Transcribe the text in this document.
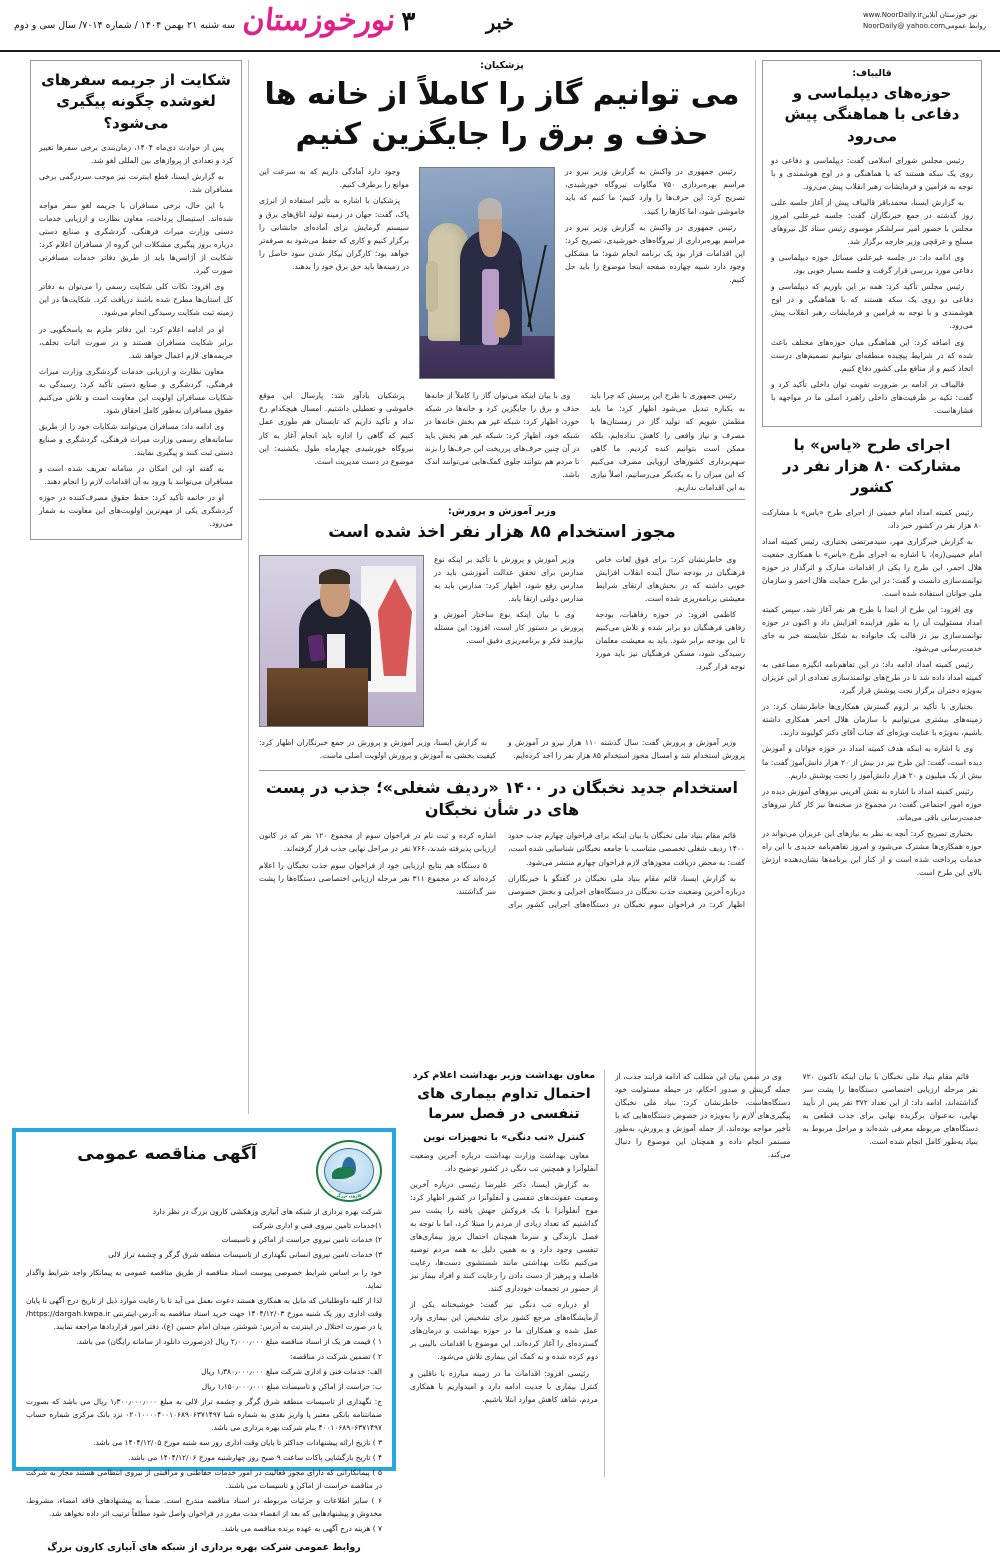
نور خوزستان آنلاینwww.NoorDaily.ir
روابط عمومیNoorDaily@ yahoo.com
خبر
۳
نورخوزستان
سه شنبه ۲۱ بهمن ۱۴۰۴ / شماره ۷۰۱۴/ سال سی و دوم
قالیباف:
حوزه‌های دیپلماسی و دفاعی با هماهنگی پیش می‌رود

رئیس مجلس شورای اسلامی گفت: دیپلماسی و دفاعی دو روی یک سکه هستند که با هماهنگی و در اوج هوشمندی و با توجه به فرامین و فرمایشات رهبر انقلاب پیش می‌رود.

به گزارش ایسنا، محمدباقر قالیباف پیش از آغاز جلسه علنی روز گذشته در جمع خبرنگاران گفت: جلسه غیرعلنی امروز مجلس با حضور امیر سرلشکر موسوی رئیس ستاد کل نیروهای مسلح و عرقچی وزیر خارجه برگزار شد.

وی ادامه داد: در جلسه غیرعلنی مسائل حوزه دیپلماسی و دفاعی مورد بررسی قرار گرفت و جلسه بسیار خوبی بود.

رئیس مجلس تأکید کرد: همه بر این باوریم که دیپلماسی و دفاعی دو روی یک سکه هستند که با هماهنگی و در اوج هوشمندی و با توجه به فرامین و فرمایشات رهبر انقلاب پیش می‌رود.

وی اضافه کرد: این هماهنگی میان حوزه‌های مختلف باعث شده که در شرایط پیچیده منطقه‌ای بتوانیم تصمیم‌های درست اتخاذ کنیم و از منافع ملی کشور دفاع کنیم.

قالیباف در ادامه بر ضرورت تقویت توان داخلی تأکید کرد و گفت: تکیه بر ظرفیت‌های داخلی راهبرد اصلی ما در مواجهه با فشارهاست.

اجرای طرح «یاس» با مشارکت ۸۰ هزار نفر در کشور

رئیس کمیته امداد امام خمینی از اجرای طرح «یاس» با مشارکت ۸۰ هزار نفر در کشور خبر داد.

به گزارش خبرگزاری مهر، سیدمرتضی بختیاری، رئیس کمیته امداد امام خمینی(ره)، با اشاره به اجرای طرح «یاس» با همکاری جمعیت هلال احمر، این طرح را یکی از اقدامات مبارک و اثرگذار در حوزه توانمندسازی دانست و گفت: در این طرح حمایت هلال احمر و سازمان ملی جوانان استفاده شده است.

وی افزود: این طرح از ابتدا با طرح هر نفر آغاز شد، سپس کمیته امداد مسئولیت آن را به طور فزاینده افزایش داد و اکنون در حوزه توانمندسازی نیز در قالب یک خانواده به شکل شایسته خبر به جای خدمت‌رسانی می‌شود.

رئیس کمیته امداد ادامه داد: در این تفاهم‌نامه انگیزه مضاعفی به کمیته امداد داده شد تا در طرح‌های توانمندسازی تعدادی از این عزیزان به‌ویژه دختران برگزار تحت پوشش قرار گیرد.

بختیاری با تأکید بر لزوم گسترش همکاری‌ها خاطرنشان کرد: در زمینه‌های بیشتری می‌توانیم با سازمان هلال احمر همکاری داشته باشیم، به‌ویژه با عنایت ویژه‌ای که جناب آقای دکتر کولیوند دارند.

وی با اشاره به اینکه هدف کمیته امداد در حوزه جوانان و آموزش دیده است، گفت: این طرح نیز در بیش از ۲۰ هزار دانش‌آموز گفت: ما بیش از یک میلیون و ۲۰ هزار دانش‌آموز را تحت پوشش داریم.

رئیس کمیته امداد با اشاره به نقش آفرینی نیروهای آموزش دیده در حوزه امور اجتماعی گفت: در مجموع در صحنه‌ها نیز کار کنار نیروهای خدمت‌رسانی باقی می‌ماند.

بختیاری تصریح کرد: آنچه به نظر به نیازهای این عزیزان می‌تواند در حوزه همکاری‌ها مشترک می‌شود و امروز تفاهم‌نامه جدیدی با این راه خدمات پرداخت شده است و از کنار این برنامه‌ها نشان‌دهنده ارزش بالای این طرح است.

پزشکیان:
می توانیم گاز را کاملاً از خانه ها حذف و برق را جایگزین کنیم

رئیس جمهوری در واکنش به گزارش وزیر نیرو در مراسم بهره‌برداری ۷۵۰ مگاوات نیروگاه خورشیدی، تصریح کرد: این حرف‌ها را وارد کنیم؛ ما کنیم که باید خاموشی شود، اما کارها را کنید.

رئیس جمهوری در واکنش به گزارش وزیر نیرو در مراسم بهره‌برداری از نیروگاه‌های خورشیدی، تصریح کرد: این اقدامات قرار بود یک برنامه انجام شود؛ ما مشکلی وجود دارد شبیه چهارده صفحه اینجا موضوع را باید حل کنیم.

وجود دارد آمادگی داریم که به سرعت این موانع را برطرف کنیم.

پزشکیان با اشاره به تأثیر استفاده از انرژی پاک، گفت: جهان در زمینه تولید اتاق‌های برق و سیستم گرمایش برای آماده‌ای جانشانی را برگزار کنیم و کاری که حفظ می‌شود به صرفه‌تر خواهد بود؛ کارگران بیکار شدن سود حاصل را در زمینه‌ها باید حق برق خود را بدهند.

رئیس جمهوری با طرح این پرسش که چرا باید به یکباره تبدیل می‌شود اظهار کرد: ما باید مطمئن شویم که تولید گاز در زمستان‌ها با مصرف و نیاز واقعی را کاهش نداده‌ایم، بلکه ممکن است بتوانیم کنده کردیم. ما گاهی سهم‌برداری کشورهای اروپایی مصرف می‌کنیم که این میزان را به یکدیگر می‌رسانیم، اصلاً نیازی به این اقدامات نداریم.

وی با بیان اینکه می‌توان گاز را کاملاً از خانه‌ها حذف و برق را جایگزین کرد و خانه‌ها در شبکه خورد، اظهار کرد: شبکه غیر هم بخش خانه‌ها در شبکه خود، اظهار کرد: شبکه غیر هم بخش باید در آن چنین حرف‌های پرریخت این حرف‌ها را بزند تا مردم هم بتوانند جلوی کمک‌هایی می‌توانند اندک باشد.

پزشکیان یادآور شد: پارسال این موقع خاموشی و تعطیلی داشتیم. امسال هیچکدام رخ نداد و تأکید داریم که تابستان هم طوری عمل کنیم که گاهی را اداره باید انجام آغاز به کار نیروگاه خورشیدی چهارماه طول یکشنبه: این موضوع در دست مدیریت است.

وزیر آموزش و پرورش:
مجوز استخدام ۸۵ هزار نفر اخذ شده است

وی خاطرنشان کرد: برای قوق لغات خاص فرهنگیان در بودجه سال آینده انقلاب افزایش خوبی داشته که در بخش‌های ارتقای شرایط معیشتی برنامه‌ریزی شده است.

کاظمی افزود: در حوزه رفاهیات، بودجه رفاهی فرهنگیان دو برابر شده و تلاش می‌کنیم تا این بودجه برابر شود. باید به معیشت معلمان رسیدگی شود، مسکن فرهنگیان نیز باید مورد توجه قرار گیرد.

وزیر آموزش و پرورش با تأکید بر اینکه نوع مدارس برای تحقق عدالت آموزشی باید در مدارس رفع شود، اظهار کرد: مدارس باید به مدارس دولتی ارتقا یابد.

وی با بیان اینکه نوع ساختار آموزش و پرورش بر دستور کار است، افزود: این مسئله نیازمند فکر و برنامه‌ریزی دقیق است.

وزیر آموزش و پرورش گفت: سال گذشته ۱۱۰ هزار نیرو در آموزش و پرورش استخدام شد و امسال مجوز استخدام ۸۵ هزار نفر را اخذ کرده‌ایم.

به گزارش ایسنا، وزیر آموزش و پرورش در جمع خبرنگاران اظهار کرد: کیفیت بخشی به آموزش و پرورش اولویت اصلی ماست.

استخدام جدید نخبگان در ۱۴۰۰ «ردیف شغلی»؛ جذب در پست های در شأن نخبگان

قائم مقام بنیاد ملی نخبگان با بیان اینکه برای فراخوان چهارم جذب حدود ۱۴۰۰ ردیف شغلی تخصصی متناسب با جامعه نخبگانی شناسایی شده است، گفت: به محض دریافت مجوزهای لازم فراخوان چهارم منتشر می‌شود.

به گزارش ایسنا، قائم مقام بنیاد ملی نخبگان در گفتگو با خبرنگاران درباره آخرین وضعیت جذب نخبگان در دستگاه‌های اجرایی و بخش خصوصی اظهار کرد: در فراخوان سوم نخبگان در دستگاه‌های اجرایی کشور برای اشاره کرده و ثبت نام در فراخوان سوم از مجموع ۱۲۰ نفر که در کانون ارزیابی پذیرفته شدند، ۷۶۶ نفر در مراحل نهایی جذب قرار گرفته‌اند.

۵ دستگاه هم نتایج ارزیابی خود از فراخوان سوم جذب نخبگان را اعلام کرده‌اند که در مجموع ۳۱۱ نفر مرحله ارزیابی اختصاصی دستگاه‌ها را پشت سر گذاشتند.

شکایت از جریمه سفرهای لغوشده چگونه پیگیری می‌شود؟

پس از حوادث دی‌ماه ۱۴۰۴، زمان‌بندی برخی سفرها تغییر کرد و تعدادی از پروازهای بین المللی لغو شد.

به گزارش ایسنا، قطع اینترنت نیز موجب سردرگمی برخی مسافران شد.

با این حال، برخی مسافران با جریمه لغو سفر مواجه شده‌اند. استیصال پرداخت، معاون نظارت و ارزیابی خدمات دستی وزارت میراث فرهنگی، گردشگری و صنایع دستی درباره بروز پیگیری مشکلات این گروه از مسافران اعلام کرد: شکایت از آژانس‌ها باید از طریق دفاتر خدمات مسافرتی صورت گیرد.

وی افزود: نکات کلی شکایت رسمی را می‌توان به دفاتر کل استان‌ها مطرح شده باشند دریافت کرد. شکایت‌ها در این زمینه ثبت شکایت رسیدگی انجام می‌شود.

او در ادامه اعلام کرد: این دفاتر ملزم به پاسخگویی در برابر شکایت مسافران هستند و در صورت اثبات تخلف، جریمه‌های لازم اعمال خواهد شد.

معاون نظارت و ارزیابی خدمات گردشگری وزارت میراث فرهنگی، گردشگری و صنایع دستی تأکید کرد: رسیدگی به شکایات مسافران اولویت این معاونت است و تلاش می‌کنیم حقوق مسافران به‌طور کامل احقاق شود.

وی ادامه داد: مسافران می‌توانند شکایات خود را از طریق سامانه‌های رسمی وزارت میراث فرهنگی، گردشگری و صنایع دستی ثبت کنند و پیگیری نمایند.

به گفته او، این امکان در سامانه تعریف شده است و مسافران می‌توانند با ورود به آن اقدامات لازم را انجام دهند.

او در خاتمه تأکید کرد: حفظ حقوق مصرف‌کننده در حوزه گردشگری یکی از مهم‌ترین اولویت‌های این معاونت به شمار می‌رود.

قائم مقام بنیاد ملی نخبگان با بیان اینکه تاکنون ۷۲۰ نفر مرحله ارزیابی اختصاصی دستگاه‌ها را پشت سر گذاشته‌اند، ادامه داد: از این تعداد ۳۷۲ نفر پس از تأیید نهایی، به‌عنوان برگزیده نهایی برای جذب قطعی به دستگاه‌های مربوطه معرفی شده‌اند و مراحل مربوط به بنیاد به‌طور کامل انجام شده است.

وی در ضمن بیان این مطلب که ادامه فرایند جذب، از جمله گزینش و صدور احکام، در حیطه مسئولیت خود دستگاه‌هاست، خاطرنشان کرد: بنیاد ملی نخبگان پیگیری‌های لازم را به‌ویژه در خصوص دستگاه‌هایی که با تأخیر مواجه بوده‌اند، از جمله آموزش و پرورش، به‌طور مستمر انجام داده و همچنان این موضوع را دنبال می‌کند.

معاون بهداشت وزیر بهداشت اعلام کرد
احتمال تداوم بیماری های تنفسی در فصل سرما
کنترل «تب دنگی» با تجهیزات نوین

معاون بهداشت وزارت بهداشت درباره آخرین وضعیت آنفلوآنزا و همچنین تب دنگی در کشور توضیح داد.

به گزارش ایسنا، دکتر علیرضا رئیسی درباره آخرین وضعیت عفونت‌های تنفسی و آنفلوآنزا در کشور اظهار کرد: موج آنفلوآنزا با یک فروکش جهش یافته را پشت سر گذاشتیم که تعداد زیادی از مردم را مبتلا کرد، اما با توجه به فصل بارندگی و سرما همچنان احتمال بروز بیماری‌های تنفسی وجود دارد و به همین دلیل به همه مردم توصیه می‌کنیم نکات بهداشتی مانند شستشوی دست‌ها، رعایت فاصله و پرهیز از دست دادن را رعایت کنند و افراد بیمار نیز از حضور در تجمعات خودداری کنند.

او درباره تب دنگی نیز گفت: خوشبختانه یکی از آزمایشگاه‌های مرجع کشور برای تشخیص این بیماری وارد عمل شده و همکاران ما در حوزه بهداشت و درمان‌های گسترده‌ای را آغاز کرده‌اند. این موضوع با اقدامات بالینی بر دوم کرده شده و به کمک این بیماری تلاش می‌شود.

رئیسی افزود: اقدامات ما در زمینه مبارزه با ناقلین و کنترل بیماری با جدیت ادامه دارد و امیدواریم با همکاری مردم، شاهد کاهش موارد ابتلا باشیم.

کارون بزرگ
آگهی مناقصه عمومی
شرکت بهره برداری از شبکه های آبیاری وزهکشی کارون بزرگ در نظر دارد
۱)خدمات تامین نیروی فنی و اداری شرکت
۲) خدمات تامین نیروی حراست از اماکن و تاسیسات
۳) خدمات تامین نیروی انسانی نگهداری از تاسیسات منطقه شرق گرگر و چشمه تراز لالی

خود را بر اساس شرایط خصوصی پیوست اسناد مناقصه از طریق مناقصه عمومی به پیمانکار واجد شرایط واگذار نماید.

لذا از کلیه داوطلبانی که مایل به همکاری هستند دعوت بعمل می آید تا با رعایت موارد ذیل از تاریخ درج آگهی تا پایان وقت اداری روز یک شنبه مورخ ۱۴۰۴/۱۲/۰۳ جهت خرید اسناد مناقصه به آدرس اینترنتی https://dargah.kwpa.ir/ یا در صورت اختلال در اینترنت به آدرس: شوشتر، میدان امام حسین (ع)، دفتر امور قراردادها مراجعه نمایند.

۱ ) قیمت هر یک از اسناد مناقصه مبلغ ۲٫۰۰۰٫۰۰۰ ریال (درصورت دانلود از سامانه رایگان) می باشد.

۲ ) تضمین شرکت در مناقصه:

الف: خدمات فنی و اداری شرکت مبلغ ۱٫۳۸۰٫۰۰۰٫۰۰۰ ریال

ب: حراست از اماکن و تاسیسات مبلغ ۱٫۱۵۰٫۰۰۰٫۰۰۰ ریال

ج: نگهداری از تاسیسات منطقه شرق گرگر و چشمه تراز لالی به مبلغ ۱٫۳۰۰٫۰۰۰٫۰۰۰ ریال می باشد که بصورت ضمانتنامه بانکی معتبر یا واریز نقدی به شماره شبا ۰۲۰۱۰۰۰۰۴۰۰۱۰۶۸۹۰۶۳۷۱۴۹۷ نزد بانک مرکزی شماره حساب ۴۰۰۱۰۶۸۹۰۶۳۷۱۴۹۷ بنام شرکت بهره برداری می باشد.

۳ ) تاریخ ارائه پیشنهادات حداکثر تا پایان وقت اداری روز سه شنبه مورخ ۱۴۰۴/۱۲/۰۵ می باشد.

۴ ) تاریخ بازگشایی پاکات ساعت ۹ صبح روز چهارشنبه مورخ ۱۴۰۴/۱۲/۰۶ می باشد.

۵ ) پیمانکارانی که دارای مجوز فعالیت در امور خدمات حفاظتی و مراقبتی از نیروی انتظامی هستند مجاز به شرکت در مناقصه حراست از اماکن و تاسیسات می باشند.

۶ ) سایر اطلاعات و جزئیات مربوطه در اسناد مناقصه مندرج است. ضمناً به پیشنهادهای فاقد امضاء، مشروط، مخدوش و پیشنهادهایی که بعد از انقضاء مدت مقرر در فراخوان واصل شود مطلقاً ترتیب اثر داده نخواهد شد.

۷ ) هزینه درج آگهی به عهده برنده مناقصه می باشد.

روابط عمومی شرکت بهره برداری از شبکه های آبیاری کارون بزرگ
